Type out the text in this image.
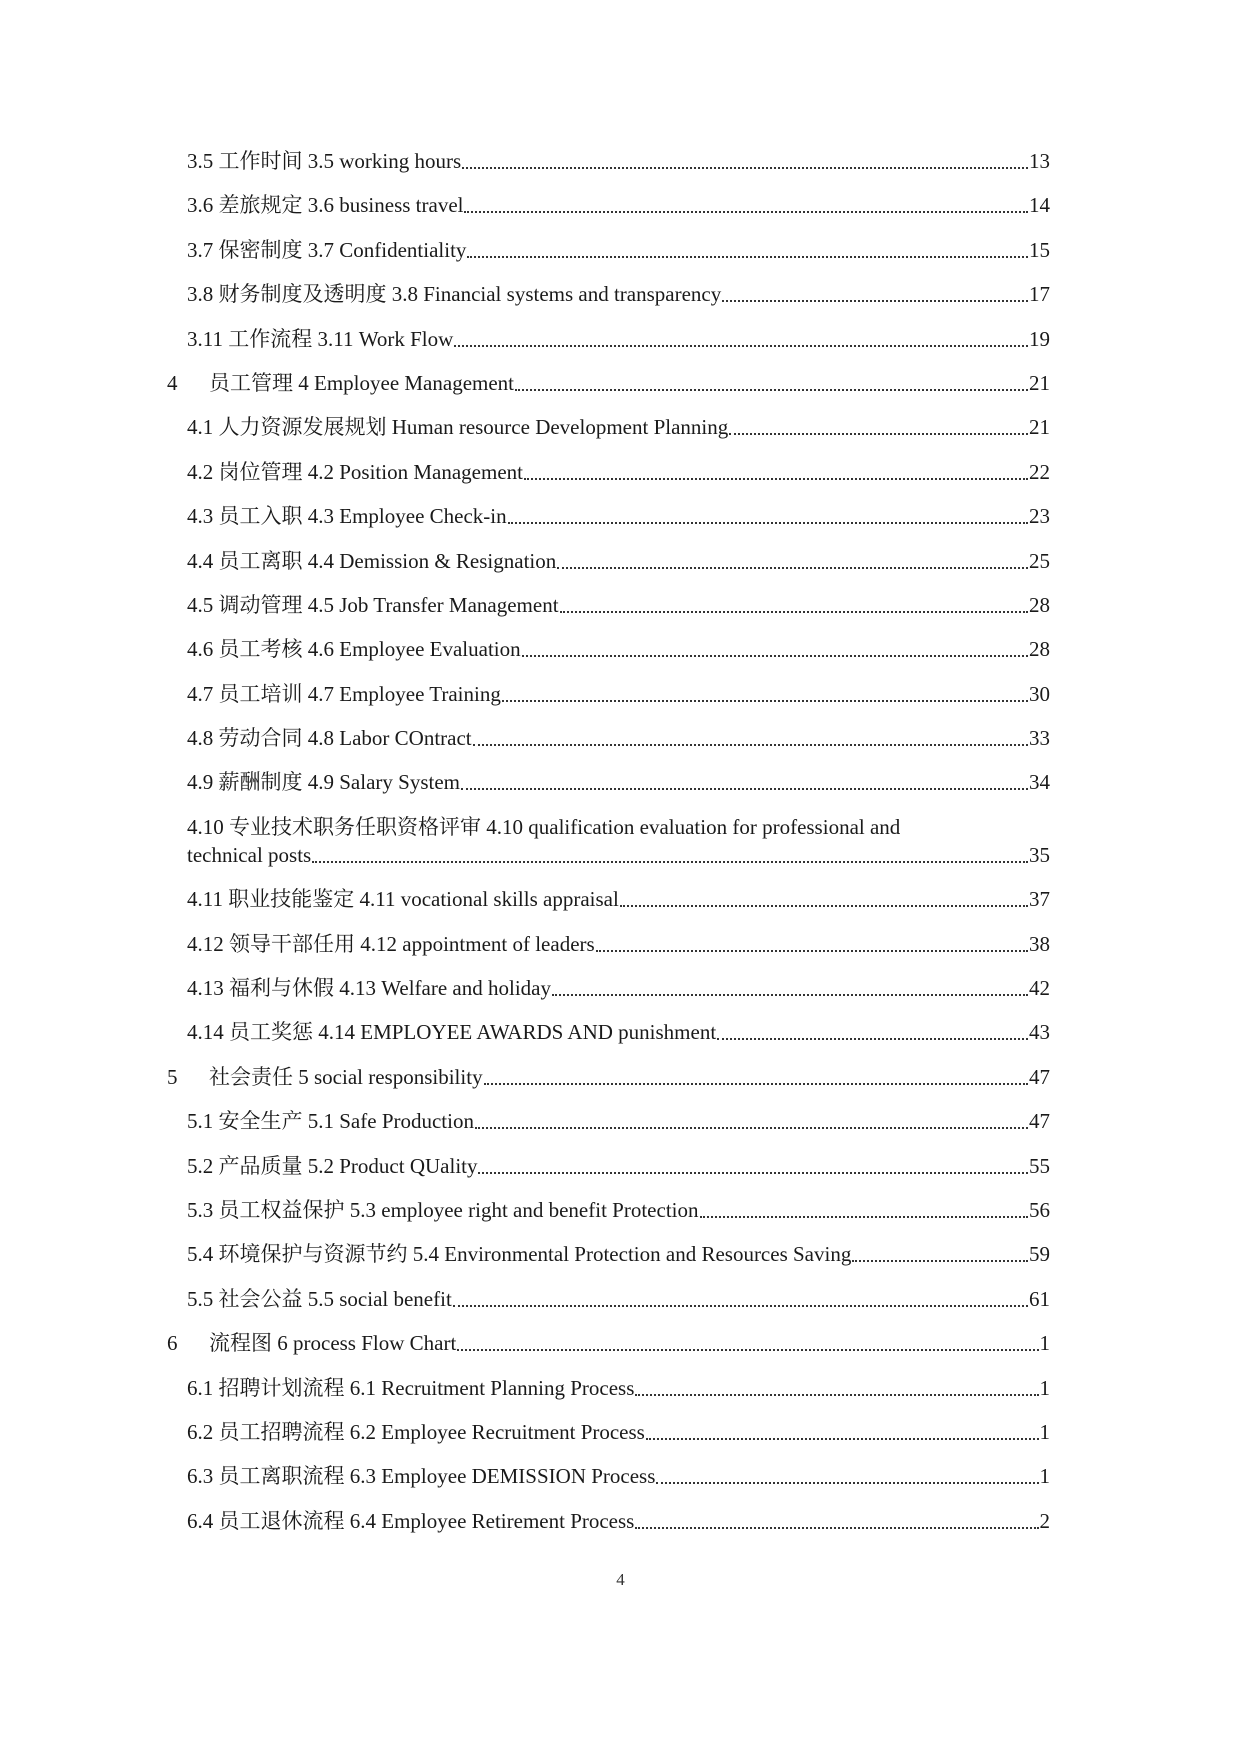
3.5 工作时间 3.5 working hours	13
3.6 差旅规定 3.6 business travel	14
3.7 保密制度 3.7 Confidentiality	15
3.8 财务制度及透明度 3.8 Financial systems and transparency	17
3.11 工作流程 3.11 Work Flow	19
4 员工管理 4 Employee Management	21
4.1 人力资源发展规划 Human resource Development Planning	21
4.2 岗位管理 4.2 Position Management	22
4.3 员工入职 4.3 Employee Check-in	23
4.4 员工离职 4.4 Demission & Resignation	25
4.5 调动管理 4.5 Job Transfer Management	28
4.6 员工考核 4.6 Employee Evaluation	28
4.7 员工培训 4.7 Employee Training	30
4.8 劳动合同 4.8 Labor COntract	33
4.9 薪酬制度 4.9 Salary System	34
4.10 专业技术职务任职资格评审 4.10 qualification evaluation for professional and
technical posts	35
4.11 职业技能鉴定 4.11 vocational skills appraisal	37
4.12 领导干部任用 4.12 appointment of leaders	38
4.13 福利与休假 4.13 Welfare and holiday	42
4.14 员工奖惩 4.14 EMPLOYEE AWARDS AND punishment	43
5 社会责任 5 social responsibility	47
5.1 安全生产 5.1 Safe Production	47
5.2 产品质量 5.2 Product QUality	55
5.3 员工权益保护 5.3 employee right and benefit Protection	56
5.4 环境保护与资源节约 5.4 Environmental Protection and Resources Saving	59
5.5 社会公益 5.5 social benefit	61
6 流程图 6 process Flow Chart	1
6.1 招聘计划流程 6.1 Recruitment Planning Process	1
6.2 员工招聘流程 6.2 Employee Recruitment Process	1
6.3 员工离职流程 6.3 Employee DEMISSION Process	1
6.4 员工退休流程 6.4 Employee Retirement Process	2
4
